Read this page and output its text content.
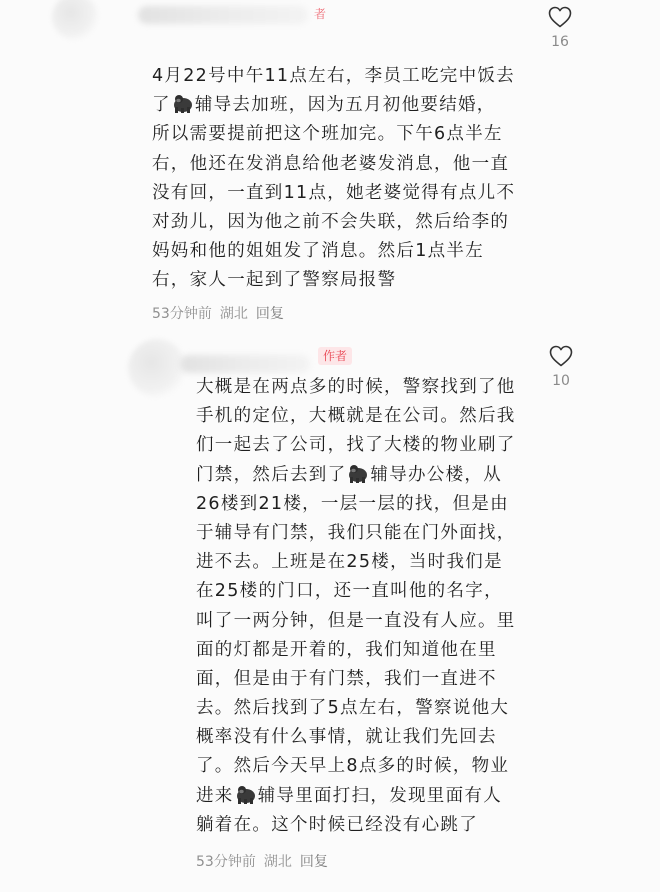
者
16
4月22号中午11点左右，李员工吃完中饭去
了 辅导去加班，因为五月初他要结婚，
所以需要提前把这个班加完。下午6点半左
右，他还在发消息给他老婆发消息，他一直
没有回，一直到11点，她老婆觉得有点儿不
对劲儿，因为他之前不会失联，然后给李的
妈妈和他的姐姐发了消息。然后1点半左
右，家人一起到了警察局报警
53分钟前 湖北 回复
作者
10
大概是在两点多的时候，警察找到了他
手机的定位，大概就是在公司。然后我
们一起去了公司，找了大楼的物业刷了
门禁，然后去到了 辅导办公楼，从
26楼到21楼，一层一层的找，但是由
于辅导有门禁，我们只能在门外面找，
进不去。上班是在25楼，当时我们是
在25楼的门口，还一直叫他的名字，
叫了一两分钟，但是一直没有人应。里
面的灯都是开着的，我们知道他在里
面，但是由于有门禁，我们一直进不
去。然后找到了5点左右，警察说他大
概率没有什么事情，就让我们先回去
了。然后今天早上8点多的时候，物业
进来 辅导里面打扫，发现里面有人
躺着在。这个时候已经没有心跳了
53分钟前 湖北 回复
